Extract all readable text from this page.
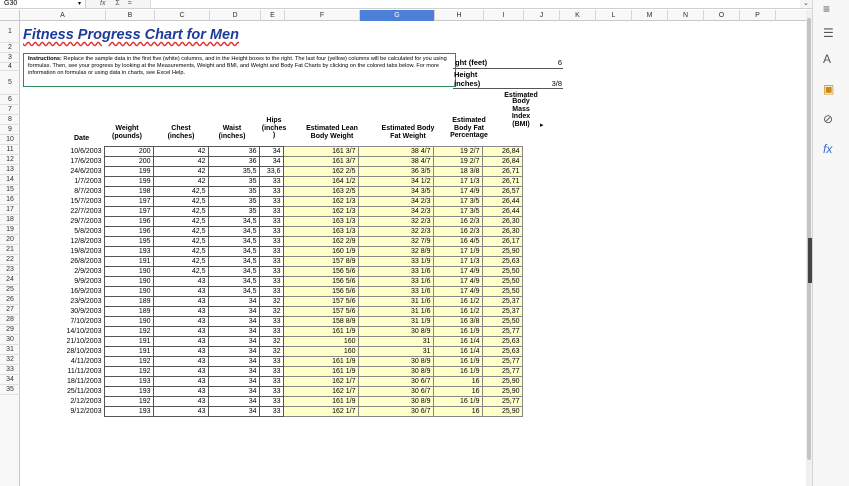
G30	▾	fx Σ =	⌄
A	B	C	D	E	F	G	H	I	J	K	L	M	N	O	P
1
2
3
4
5
6
7
8
9
10
11
12
13
14
15
16
17
18
19
20
21
22
23
24
25
26
27
28
29
30
31
32
33
34
35
Fitness Progress Chart for Men
Instructions: Replace the sample data in the first five (white) columns, and in the Height boxes to the right. The last four (yellow) columns will be calculated for you using formulas. Then, see your progress by looking at the Measurements, Weight and BMI, and Weight and Body Fat Charts by clicking on the colored tabs below. For more information on formulas or using data in charts, see Excel Help.
ght (feet)	6
Height
inches)	3/8
Date
Weight
(pounds)
Chest
(inches)
Waist
(inches)
Hips
(inches
)
Estimated Lean
Body Weight
Estimated Body
Fat Weight
Estimated
Body Fat
Percentage
Estimated
Body
Mass
Index
(BMI)	▸
10/6/2003	200	42	36	34	161 3/7	38 4/7	19 2/7	26,84
17/6/2003	200	42	36	34	161 3/7	38 4/7	19 2/7	26,84
24/6/2003	199	42	35,5	33,6	162 2/5	36 3/5	18 3/8	26,71
1/7/2003	199	42	35	33	164 1/2	34 1/2	17 1/3	26,71
8/7/2003	198	42,5	35	33	163 2/5	34 3/5	17 4/9	26,57
15/7/2003	197	42,5	35	33	162 1/3	34 2/3	17 3/5	26,44
22/7/2003	197	42,5	35	33	162 1/3	34 2/3	17 3/5	26,44
29/7/2003	196	42,5	34,5	33	163 1/3	32 2/3	16 2/3	26,30
5/8/2003	196	42,5	34,5	33	163 1/3	32 2/3	16 2/3	26,30
12/8/2003	195	42,5	34,5	33	162 2/9	32 7/9	16 4/5	26,17
19/8/2003	193	42,5	34,5	33	160 1/9	32 8/9	17 1/9	25,90
26/8/2003	191	42,5	34,5	33	157 8/9	33 1/9	17 1/3	25,63
2/9/2003	190	42,5	34,5	33	156 5/6	33 1/6	17 4/9	25,50
9/9/2003	190	43	34,5	33	156 5/6	33 1/6	17 4/9	25,50
16/9/2003	190	43	34,5	33	156 5/6	33 1/6	17 4/9	25,50
23/9/2003	189	43	34	32	157 5/6	31 1/6	16 1/2	25,37
30/9/2003	189	43	34	32	157 5/6	31 1/6	16 1/2	25,37
7/10/2003	190	43	34	33	158 8/9	31 1/9	16 3/8	25,50
14/10/2003	192	43	34	33	161 1/9	30 8/9	16 1/9	25,77
21/10/2003	191	43	34	32	160	31	16 1/4	25,63
28/10/2003	191	43	34	32	160	31	16 1/4	25,63
4/11/2003	192	43	34	33	161 1/9	30 8/9	16 1/9	25,77
11/11/2003	192	43	34	33	161 1/9	30 8/9	16 1/9	25,77
18/11/2003	193	43	34	33	162 1/7	30 6/7	16	25,90
25/11/2003	193	43	34	33	162 1/7	30 6/7	16	25,90
2/12/2003	192	43	34	33	161 1/9	30 8/9	16 1/9	25,77
9/12/2003	193	43	34	33	162 1/7	30 6/7	16	25,90
≡
☰
A
▣
⊘
fx
